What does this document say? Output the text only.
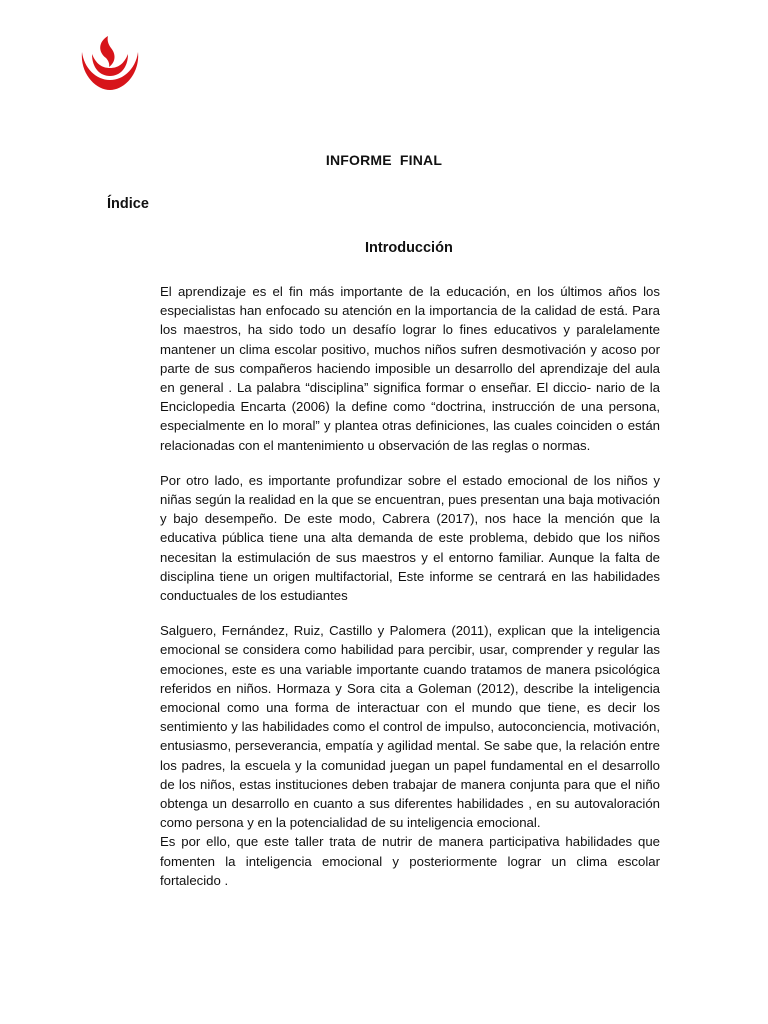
INFORME FINAL
Índice
Introducción

El aprendizaje es el fin más importante de la educación, en los últimos años los especialistas han enfocado su atención en la importancia de la calidad de está. Para los maestros, ha sido todo un desafío lograr lo fines educativos y paralelamente mantener un clima escolar positivo, muchos niños sufren desmotivación y acoso por parte de sus compañeros haciendo imposible un desarrollo del aprendizaje del aula en general . La palabra “disciplina” significa formar o enseñar. El diccio- nario de la Enciclopedia Encarta (2006) la define como “doctrina, instrucción de una persona, especialmente en lo moral” y plantea otras definiciones, las cuales coinciden o están relacionadas con el mantenimiento u observación de las reglas o normas.

Por otro lado, es importante profundizar sobre el estado emocional de los niños y niñas según la realidad en la que se encuentran, pues presentan una baja motivación y bajo desempeño. De este modo, Cabrera (2017), nos hace la mención que la educativa pública tiene una alta demanda de este problema, debido que los niños necesitan la estimulación de sus maestros y el entorno familiar. Aunque la falta de disciplina tiene un origen multifactorial, Este informe se centrará en las habilidades conductuales de los estudiantes

Salguero, Fernández, Ruiz, Castillo y Palomera (2011), explican que la inteligencia emocional se considera como habilidad para percibir, usar, comprender y regular las emociones, este es una variable importante cuando tratamos de manera psicológica referidos en niños. Hormaza y Sora cita a Goleman (2012), describe la inteligencia emocional como una forma de interactuar con el mundo que tiene, es decir los sentimiento y las habilidades como el control de impulso, autoconciencia, motivación, entusiasmo, perseverancia, empatía y agilidad mental. Se sabe que, la relación entre los padres, la escuela y la comunidad juegan un papel fundamental en el desarrollo de los niños, estas instituciones deben trabajar de manera conjunta para que el niño obtenga un desarrollo en cuanto a sus diferentes habilidades , en su autovaloración como persona y en la potencialidad de su inteligencia emocional.

Es por ello, que este taller trata de nutrir de manera participativa habilidades que fomenten la inteligencia emocional y posteriormente lograr un clima escolar fortalecido .
